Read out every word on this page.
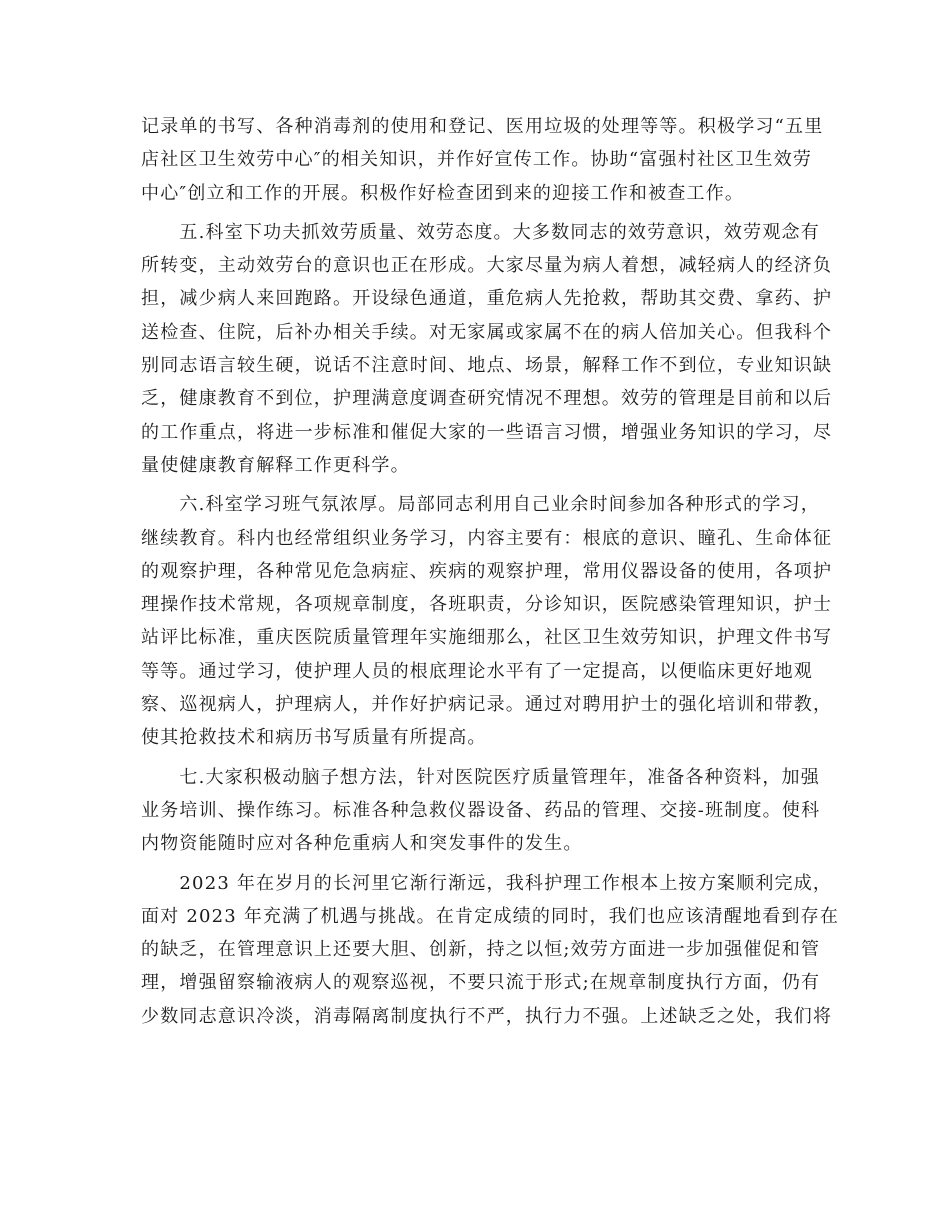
记录单的书写、各种消毒剂的使用和登记、医用垃圾的处理等等。积极学习“五里
店社区卫生效劳中心″的相关知识，并作好宣传工作。协助“富强村社区卫生效劳
中心″创立和工作的开展。积极作好检查团到来的迎接工作和被查工作。

　　五.科室下功夫抓效劳质量、效劳态度。大多数同志的效劳意识，效劳观念有
所转变，主动效劳台的意识也正在形成。大家尽量为病人着想，减轻病人的经济负
担，减少病人来回跑路。开设绿色通道，重危病人先抢救，帮助其交费、拿药、护
送检查、住院，后补办相关手续。对无家属或家属不在的病人倍加关心。但我科个
别同志语言较生硬，说话不注意时间、地点、场景，解释工作不到位，专业知识缺
乏，健康教育不到位，护理满意度调查研究情况不理想。效劳的管理是目前和以后
的工作重点，将进一步标准和催促大家的一些语言习惯，增强业务知识的学习，尽
量使健康教育解释工作更科学。

　　六.科室学习班气氛浓厚。局部同志利用自己业余时间参加各种形式的学习，
继续教育。科内也经常组织业务学习，内容主要有：根底的意识、瞳孔、生命体征
的观察护理，各种常见危急病症、疾病的观察护理，常用仪器设备的使用，各项护
理操作技术常规，各项规章制度，各班职责，分诊知识，医院感染管理知识，护士
站评比标准，重庆医院质量管理年实施细那么，社区卫生效劳知识，护理文件书写
等等。通过学习，使护理人员的根底理论水平有了一定提高，以便临床更好地观
察、巡视病人，护理病人，并作好护病记录。通过对聘用护士的强化培训和带教，
使其抢救技术和病历书写质量有所提高。

　　七.大家积极动脑子想方法，针对医院医疗质量管理年，准备各种资料，加强
业务培训、操作练习。标准各种急救仪器设备、药品的管理、交接-班制度。使科
内物资能随时应对各种危重病人和突发事件的发生。

　　2023 年在岁月的长河里它渐行渐远，我科护理工作根本上按方案顺利完成，
面对 2023 年充满了机遇与挑战。在肯定成绩的同时，我们也应该清醒地看到存在
的缺乏，在管理意识上还要大胆、创新，持之以恒;效劳方面进一步加强催促和管
理，增强留察输液病人的观察巡视，不要只流于形式;在规章制度执行方面，仍有
少数同志意识冷淡，消毒隔离制度执行不严，执行力不强。上述缺乏之处，我们将
